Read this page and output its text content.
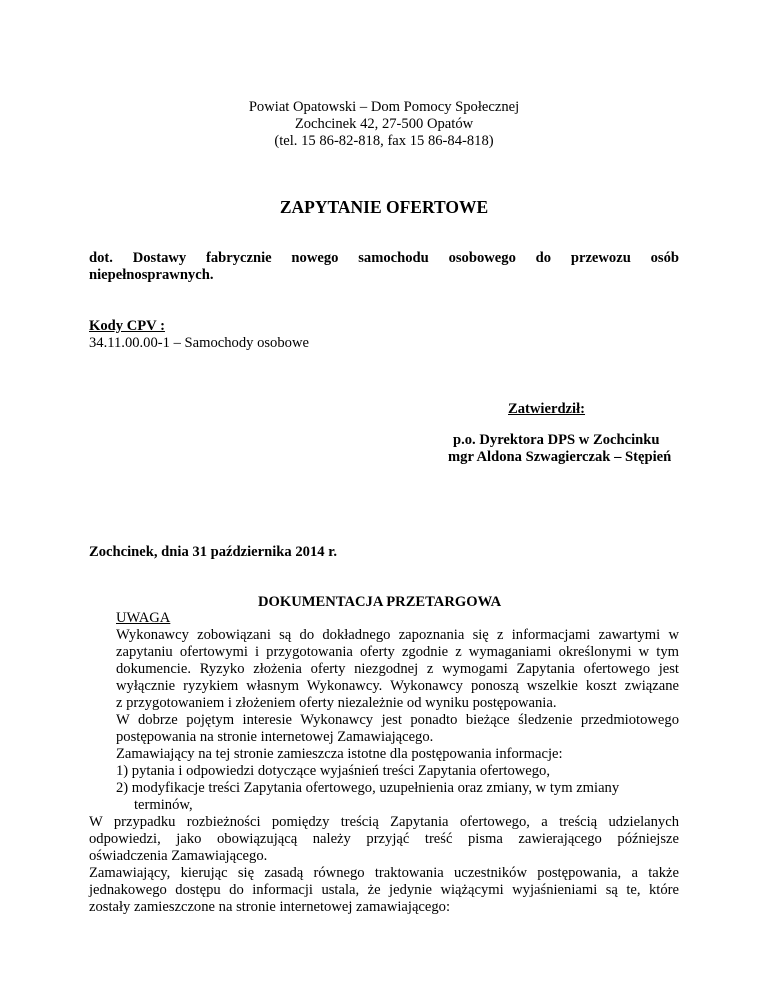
Powiat Opatowski – Dom Pomocy Społecznej
Zochcinek 42, 27-500 Opatów
(tel. 15 86-82-818, fax 15 86-84-818)
ZAPYTANIE OFERTOWE
dot. Dostawy fabrycznie nowego samochodu osobowego do przewozu osób
niepełnosprawnych.
Kody CPV :
34.11.00.00-1 – Samochody osobowe
Zatwierdził:
p.o. Dyrektora DPS w Zochcinku
mgr Aldona Szwagierczak – Stępień
Zochcinek, dnia 31 października 2014 r.
DOKUMENTACJA PRZETARGOWA
UWAGA
Wykonawcy zobowiązani są do dokładnego zapoznania się z informacjami zawartymi w
zapytaniu ofertowymi i przygotowania oferty zgodnie z wymaganiami określonymi w tym
dokumencie. Ryzyko złożenia oferty niezgodnej z wymogami Zapytania ofertowego jest
wyłącznie ryzykiem własnym Wykonawcy. Wykonawcy ponoszą wszelkie koszt związane
z przygotowaniem i złożeniem oferty niezależnie od wyniku postępowania.
W dobrze pojętym interesie Wykonawcy jest ponadto bieżące śledzenie przedmiotowego
postępowania na stronie internetowej Zamawiającego.
Zamawiający na tej stronie zamieszcza istotne dla postępowania informacje:
1) pytania i odpowiedzi dotyczące wyjaśnień treści Zapytania ofertowego,
2) modyfikacje treści Zapytania ofertowego, uzupełnienia oraz zmiany, w tym zmiany
terminów,
W przypadku rozbieżności pomiędzy treścią Zapytania ofertowego, a treścią udzielanych
odpowiedzi, jako obowiązującą należy przyjąć treść pisma zawierającego późniejsze
oświadczenia Zamawiającego.
Zamawiający, kierując się zasadą równego traktowania uczestników postępowania, a także
jednakowego dostępu do informacji ustala, że jedynie wiążącymi wyjaśnieniami są te, które
zostały zamieszczone na stronie internetowej zamawiającego:
